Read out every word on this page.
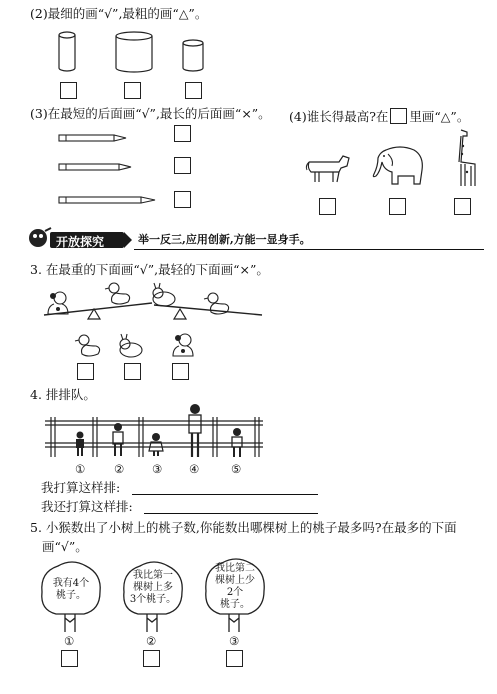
(2)最细的画“√”,最粗的画“△”。
(3)在最短的后面画“√”,最长的后面画“×”。 (4)谁长得最高?在 里画“△”。
开放探究	举一反三,应用创新,方能一显身手。
3. 在最重的下面画“√”,最轻的下面画“×”。
4. 排排队。
① ② ③ ④	⑤
我打算这样排:
我还打算这样排:
5. 小猴数出了小树上的桃子数,你能数出哪棵树上的桃子最多吗?在最多的下面
画“√”。
我有4个
桃子。
①
我比第一
棵树上多
3个桃子。
②
我比第二
棵树上少
2个
桃子。
③
